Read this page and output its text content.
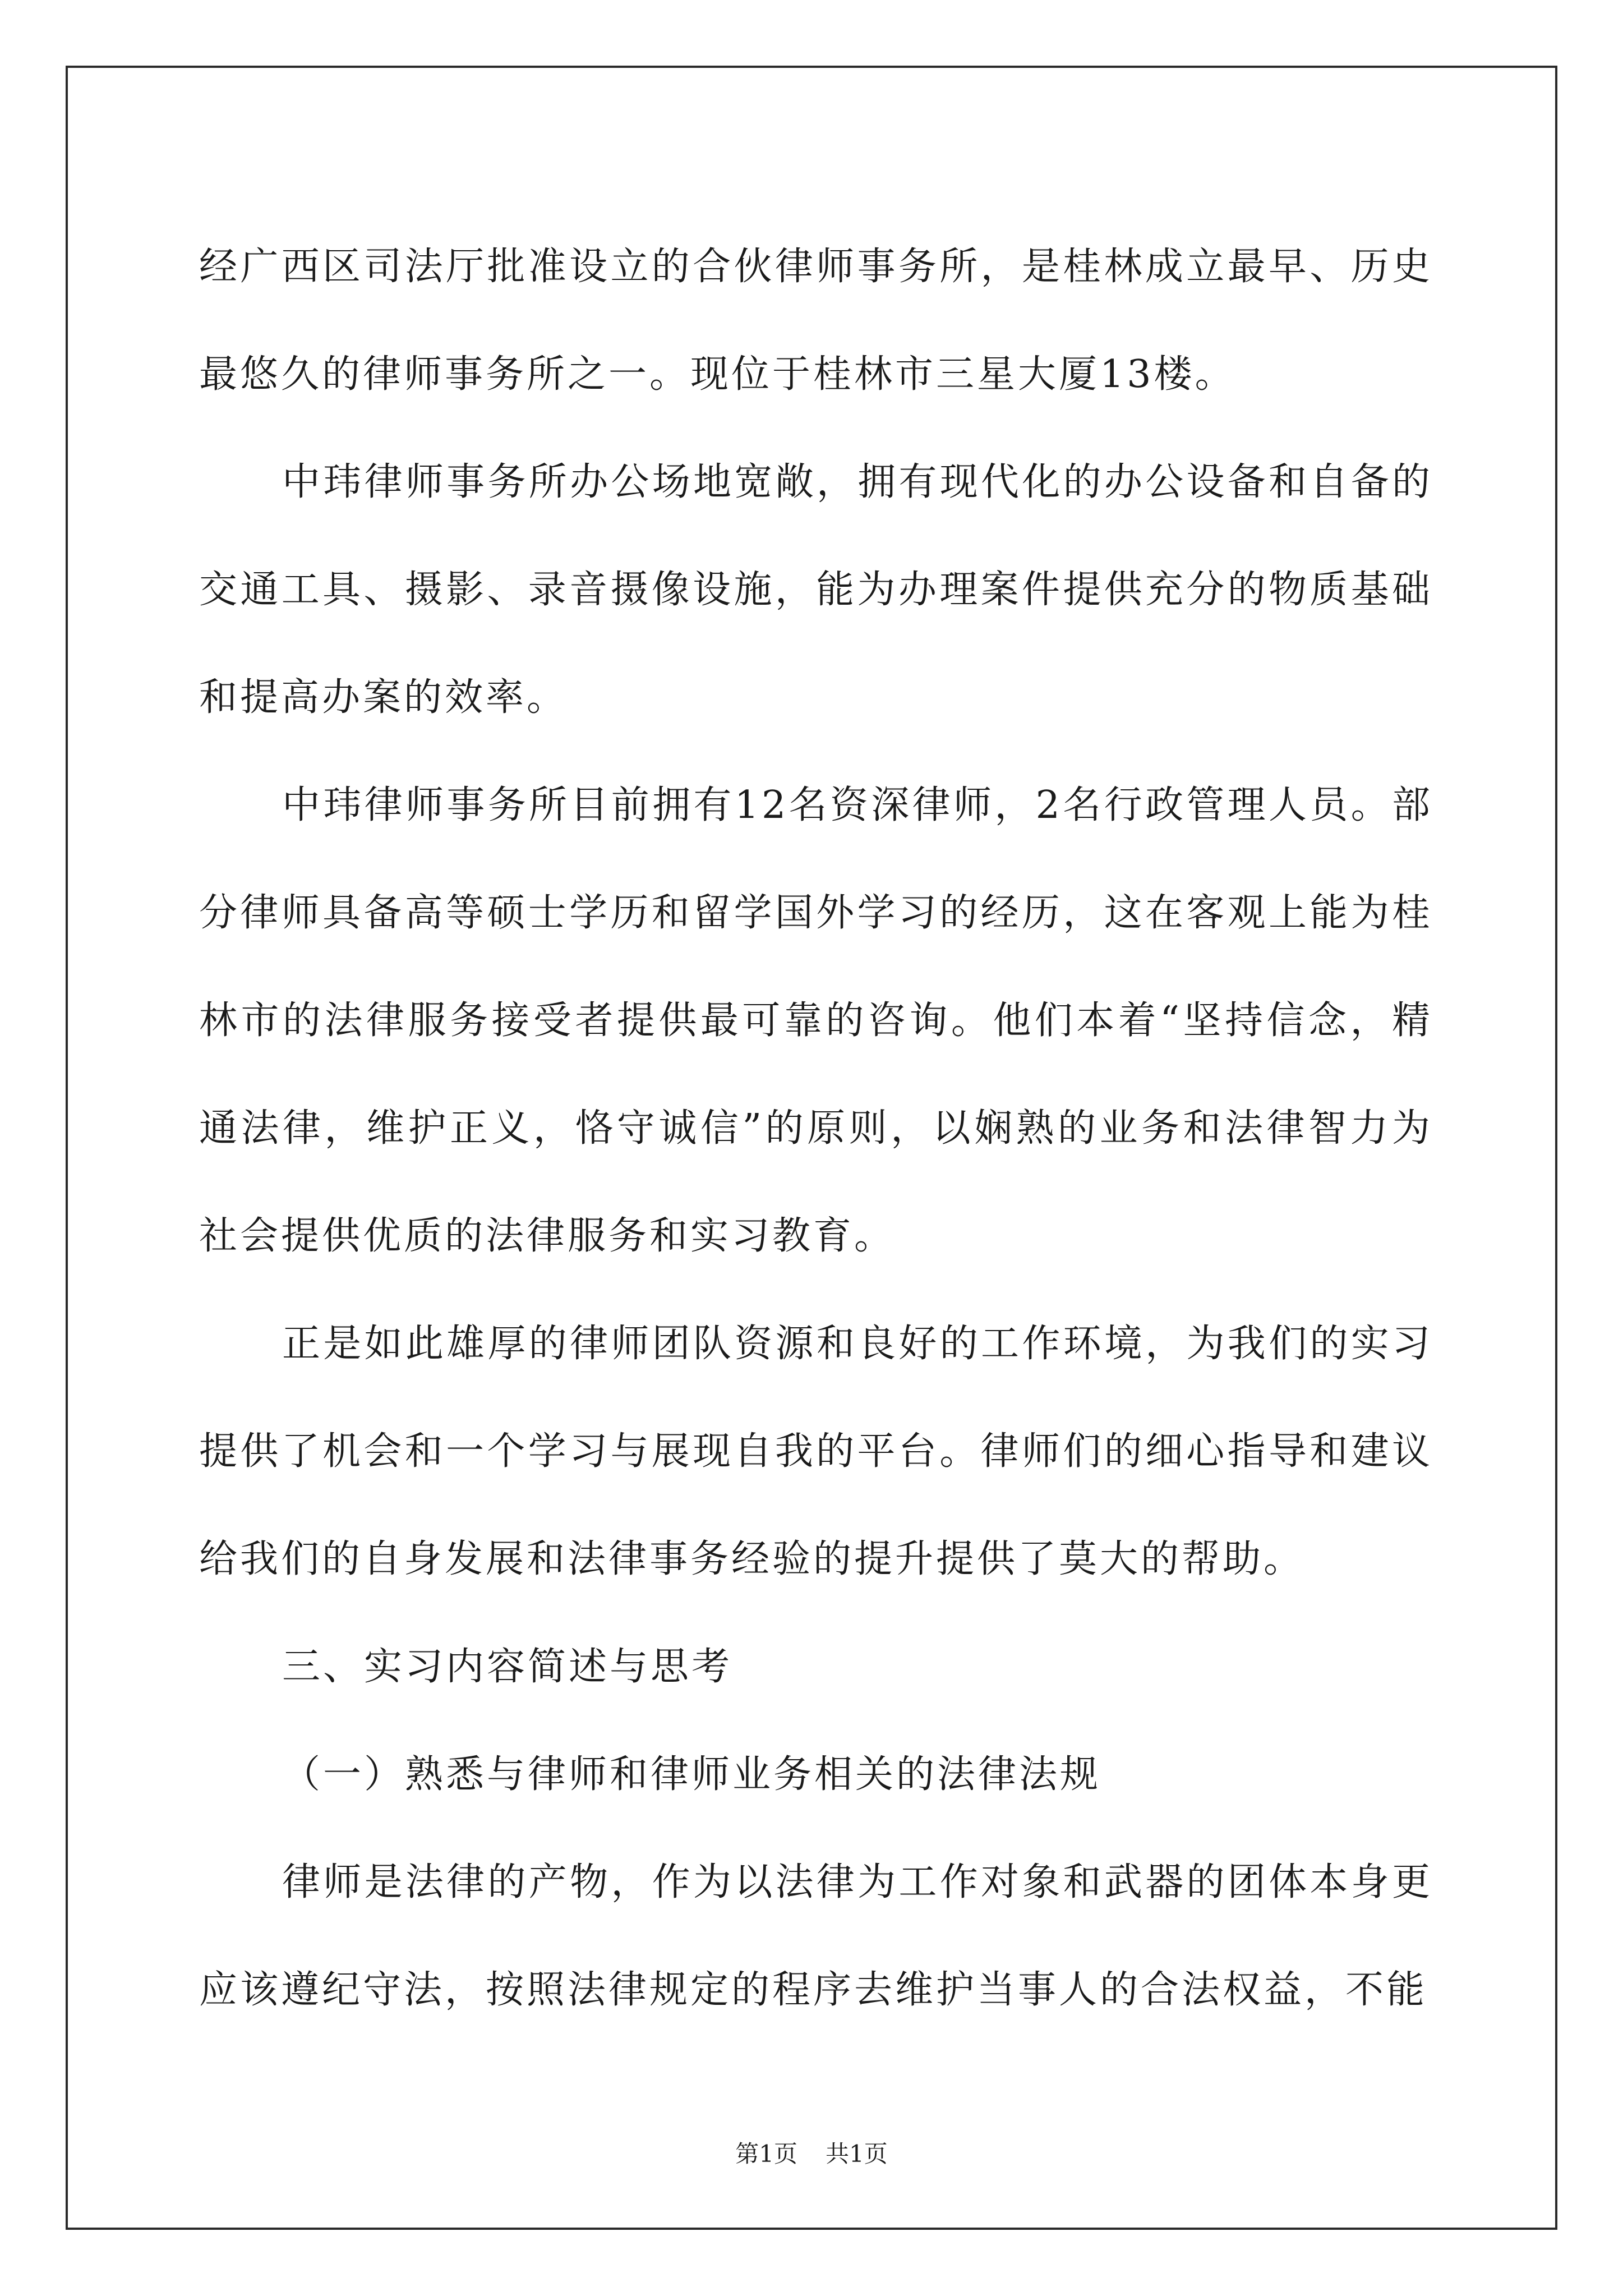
经广西区司法厅批准设立的合伙律师事务所，是桂林成立最早、历史最悠久的律师事务所之一。现位于桂林市三星大厦13楼。

中玮律师事务所办公场地宽敞，拥有现代化的办公设备和自备的交通工具、摄影、录音摄像设施，能为办理案件提供充分的物质基础和提高办案的效率。

中玮律师事务所目前拥有12名资深律师，2名行政管理人员。部分律师具备高等硕士学历和留学国外学习的经历，这在客观上能为桂林市的法律服务接受者提供最可靠的咨询。他们本着“坚持信念，精通法律，维护正义，恪守诚信”的原则，以娴熟的业务和法律智力为社会提供优质的法律服务和实习教育。

正是如此雄厚的律师团队资源和良好的工作环境，为我们的实习提供了机会和一个学习与展现自我的平台。律师们的细心指导和建议给我们的自身发展和法律事务经验的提升提供了莫大的帮助。

三、实习内容简述与思考

（一）熟悉与律师和律师业务相关的法律法规

律师是法律的产物，作为以法律为工作对象和武器的团体本身更应该遵纪守法，按照法律规定的程序去维护当事人的合法权益，不能

第1页 共1页
